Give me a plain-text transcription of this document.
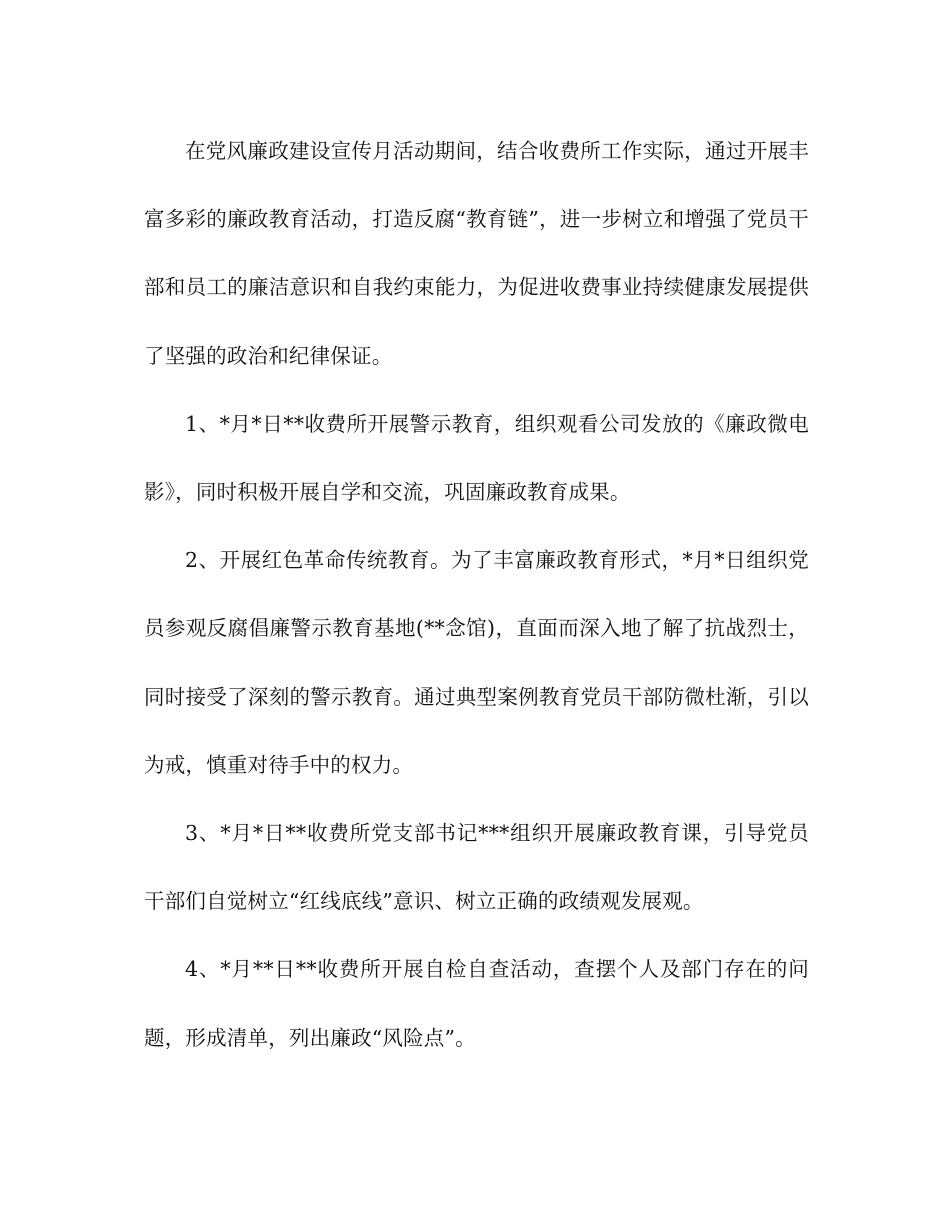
在党风廉政建设宣传月活动期间，结合收费所工作实际，通过开展丰富多彩的廉政教育活动，打造反腐“教育链”，进一步树立和增强了党员干部和员工的廉洁意识和自我约束能力，为促进收费事业持续健康发展提供了坚强的政治和纪律保证。

1、*月*日**收费所开展警示教育，组织观看公司发放的《廉政微电影》，同时积极开展自学和交流，巩固廉政教育成果。

2、开展红色革命传统教育。为了丰富廉政教育形式，*月*日组织党员参观反腐倡廉警示教育基地(**念馆)，直面而深入地了解了抗战烈士，同时接受了深刻的警示教育。通过典型案例教育党员干部防微杜渐，引以为戒，慎重对待手中的权力。

3、*月*日**收费所党支部书记***组织开展廉政教育课，引导党员干部们自觉树立“红线底线”意识、树立正确的政绩观发展观。

4、*月**日**收费所开展自检自查活动，查摆个人及部门存在的问题，形成清单，列出廉政“风险点”。
